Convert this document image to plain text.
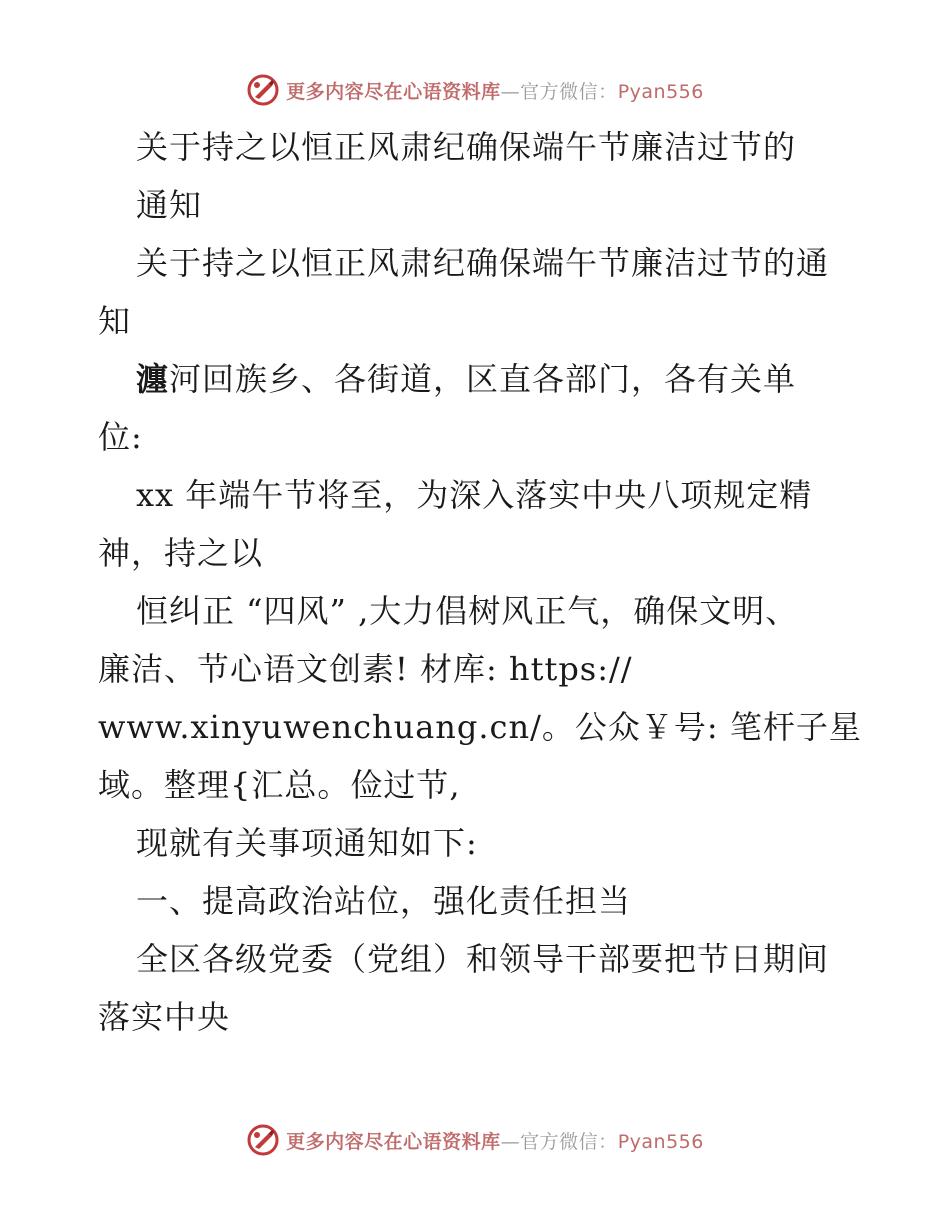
更多内容尽在心语资料库—官方微信：Pyan556
关于持之以恒正风肃纪确保端午节廉洁过节的
通知
关于持之以恒正风肃纪确保端午节廉洁过节的通
知
瀍河回族乡、各街道，区直各部门，各有关单
位:
xx 年端午节将至，为深入落实中央八项规定精
神，持之以
恒纠正 “四风” ,大力倡树风正气，确保文明、
廉洁、节心语文创素! 材库: https://
www.xinyuwenchuang.cn/。公众￥号: 笔杆子星
域。整理{汇总。俭过节,
现就有关事项通知如下:
一、提高政治站位，强化责任担当
全区各级党委（党组）和领导干部要把节日期间
落实中央
更多内容尽在心语资料库—官方微信：Pyan556
